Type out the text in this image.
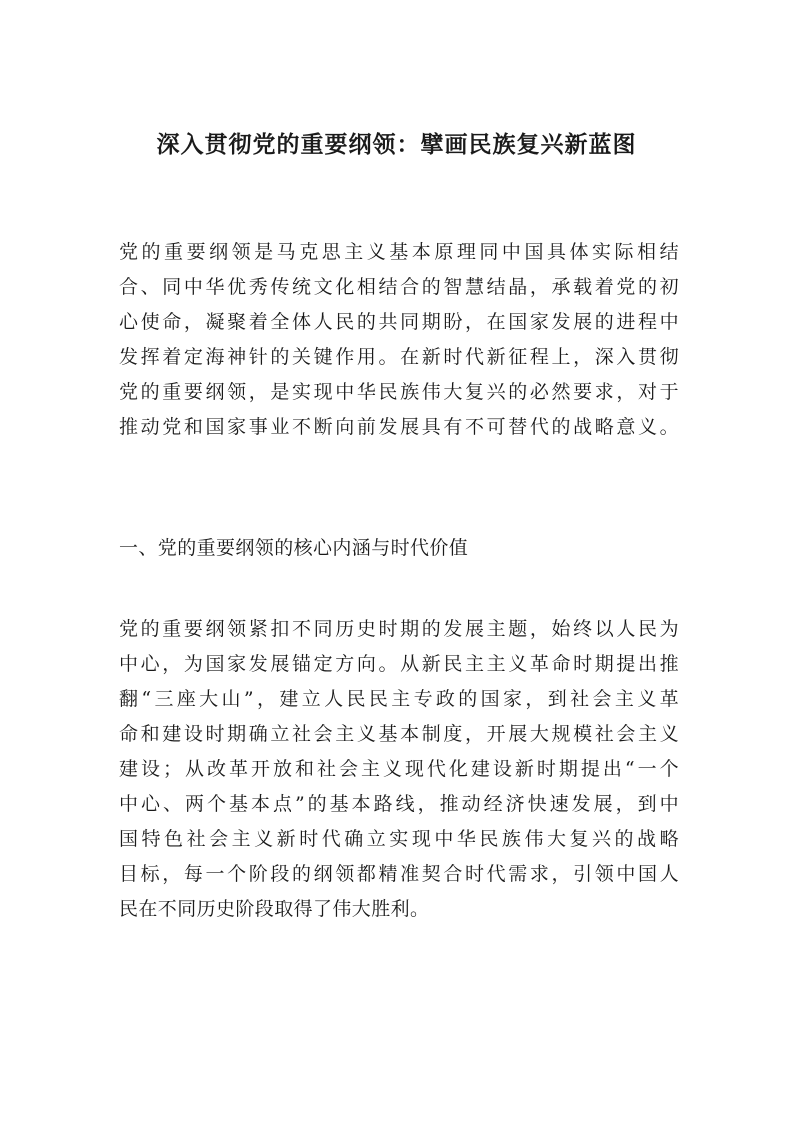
深入贯彻党的重要纲领：擘画民族复兴新蓝图
党的重要纲领是马克思主义基本原理同中国具体实际相结
合、同中华优秀传统文化相结合的智慧结晶，承载着党的初
心使命，凝聚着全体人民的共同期盼，在国家发展的进程中
发挥着定海神针的关键作用。在新时代新征程上，深入贯彻
党的重要纲领，是实现中华民族伟大复兴的必然要求，对于
推动党和国家事业不断向前发展具有不可替代的战略意义。
一、党的重要纲领的核心内涵与时代价值
党的重要纲领紧扣不同历史时期的发展主题，始终以人民为
中心，为国家发展锚定方向。从新民主主义革命时期提出推
翻“三座大山”，建立人民民主专政的国家，到社会主义革
命和建设时期确立社会主义基本制度，开展大规模社会主义
建设；从改革开放和社会主义现代化建设新时期提出“一个
中心、两个基本点”的基本路线，推动经济快速发展，到中
国特色社会主义新时代确立实现中华民族伟大复兴的战略
目标，每一个阶段的纲领都精准契合时代需求，引领中国人
民在不同历史阶段取得了伟大胜利。
